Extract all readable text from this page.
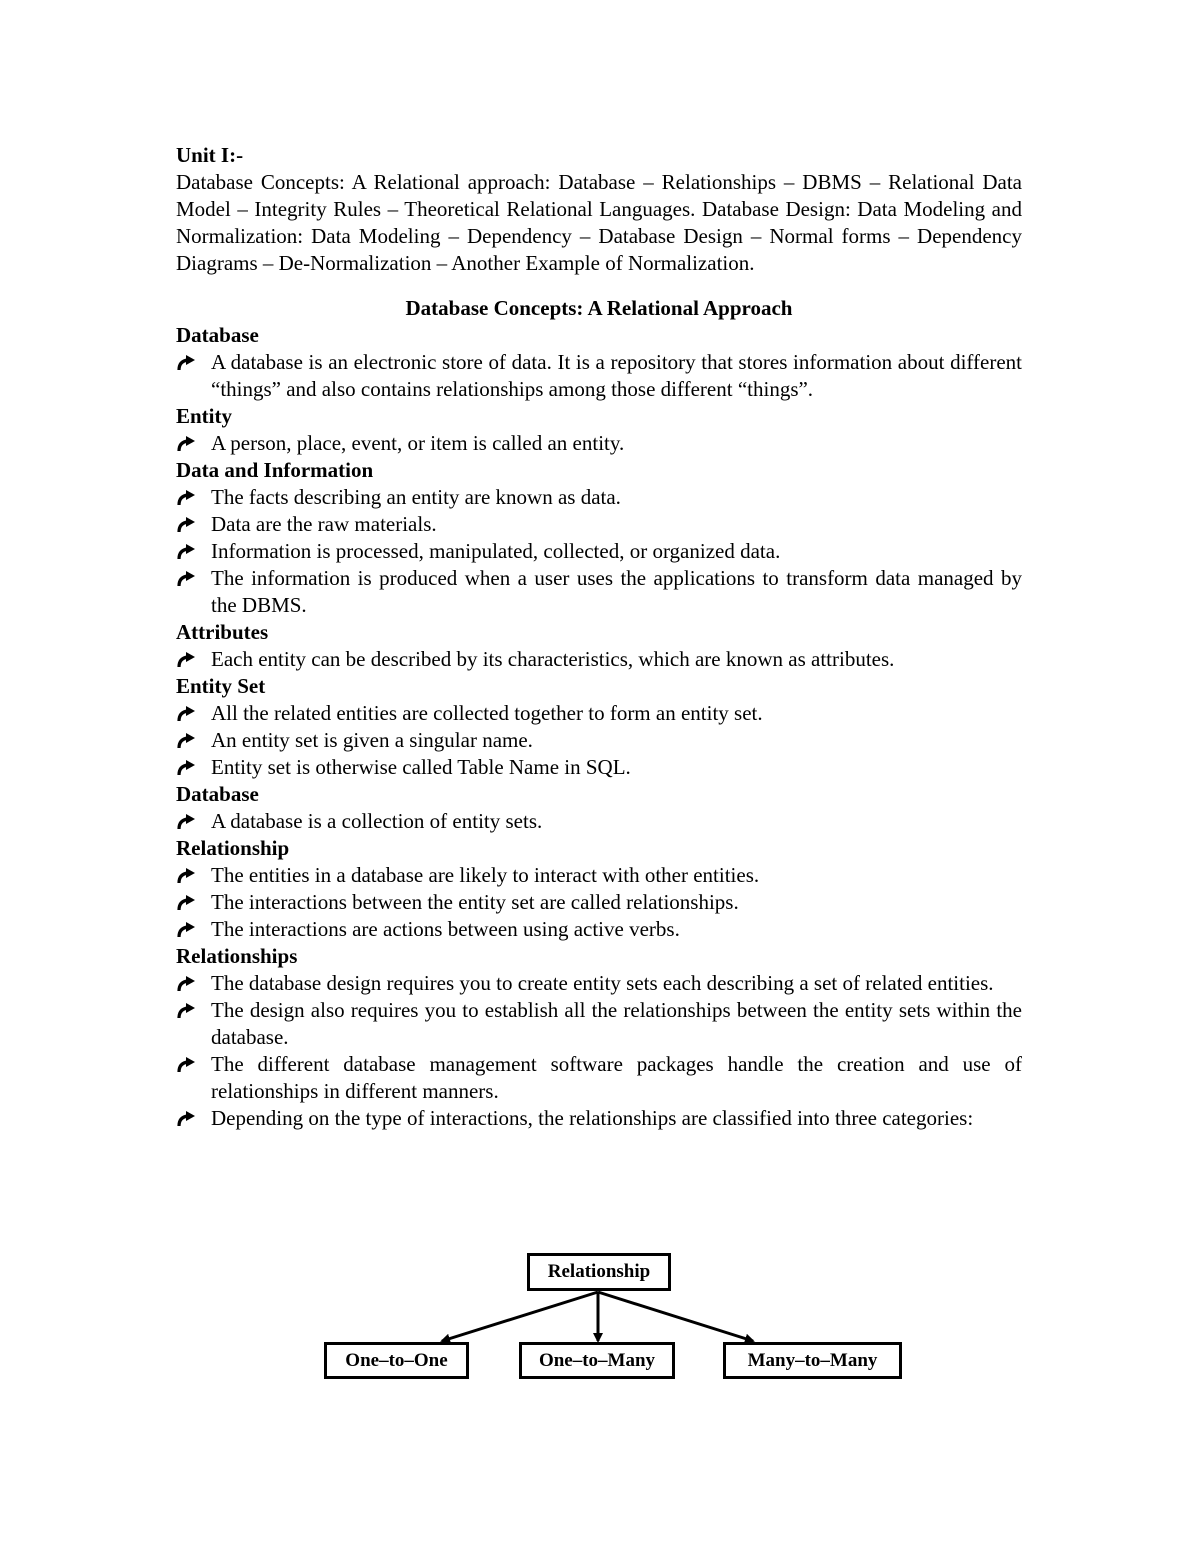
Unit I:-

Database Concepts: A Relational approach: Database – Relationships – DBMS – Relational Data Model – Integrity Rules – Theoretical Relational Languages. Database Design: Data Modeling and Normalization: Data Modeling – Dependency – Database Design – Normal forms – Dependency Diagrams – De-Normalization – Another Example of Normalization.

Database Concepts: A Relational Approach
Database
A database is an electronic store of data. It is a repository that stores information about different “things” and also contains relationships among those different “things”.
Entity
A person, place, event, or item is called an entity.
Data and Information
The facts describing an entity are known as data.
Data are the raw materials.
Information is processed, manipulated, collected, or organized data.
The information is produced when a user uses the applications to transform data managed by the DBMS.
Attributes
Each entity can be described by its characteristics, which are known as attributes.
Entity Set
All the related entities are collected together to form an entity set.
An entity set is given a singular name.
Entity set is otherwise called Table Name in SQL.
Database
A database is a collection of entity sets.
Relationship
The entities in a database are likely to interact with other entities.
The interactions between the entity set are called relationships.
The interactions are actions between using active verbs.
Relationships
The database design requires you to create entity sets each describing a set of related entities.
The design also requires you to establish all the relationships between the entity sets within the database.
The different database management software packages handle the creation and use of relationships in different manners.
Depending on the type of interactions, the relationships are classified into three categories:
Relationship
One–to–One	One–to–Many	Many–to–Many
